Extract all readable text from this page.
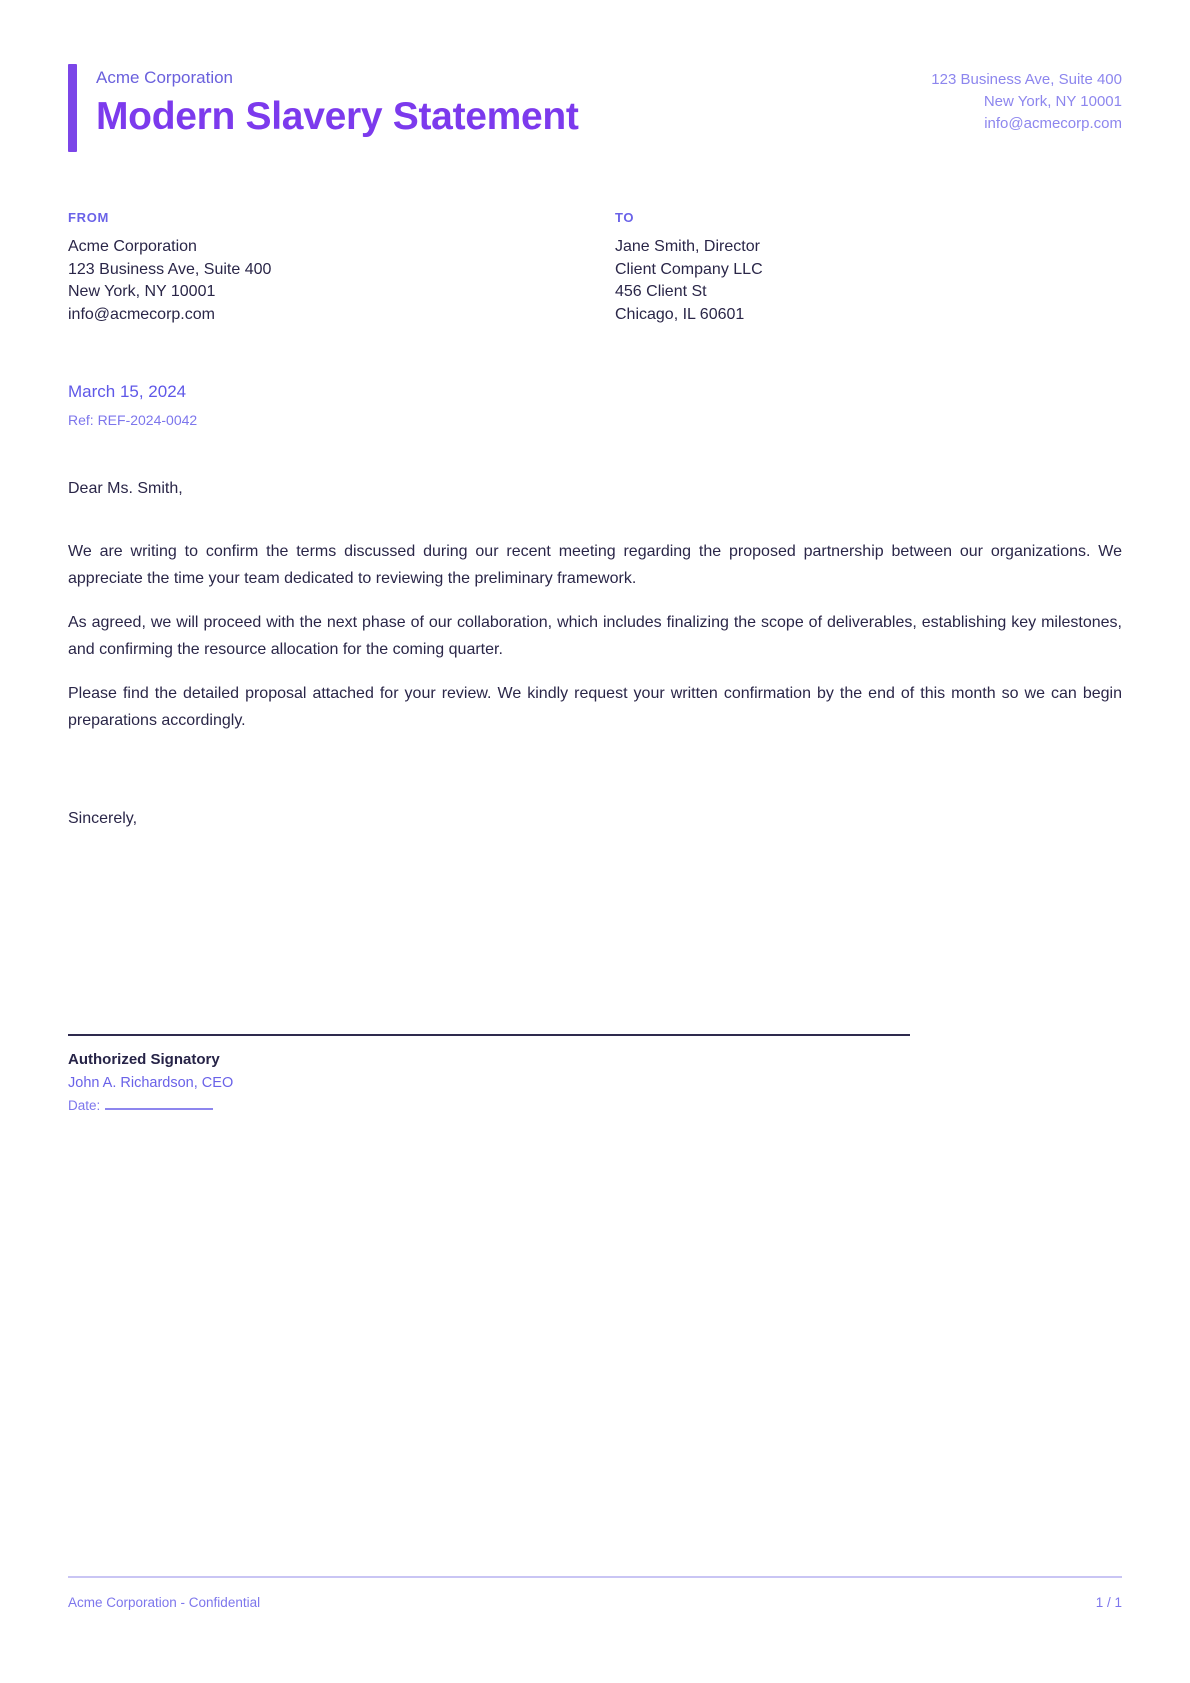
Acme Corporation
Modern Slavery Statement
123 Business Ave, Suite 400
New York, NY 10001
info@acmecorp.com
FROM
Acme Corporation
123 Business Ave, Suite 400
New York, NY 10001
info@acmecorp.com
TO
Jane Smith, Director
Client Company LLC
456 Client St
Chicago, IL 60601
March 15, 2024
Ref: REF-2024-0042
Dear Ms. Smith,

We are writing to confirm the terms discussed during our recent meeting regarding the proposed partnership between our organizations. We appreciate the time your team dedicated to reviewing the preliminary framework.

As agreed, we will proceed with the next phase of our collaboration, which includes finalizing the scope of deliverables, establishing key milestones, and confirming the resource allocation for the coming quarter.

Please find the detailed proposal attached for your review. We kindly request your written confirmation by the end of this month so we can begin preparations accordingly.

Sincerely,
Authorized Signatory
John A. Richardson, CEO
Date:
Acme Corporation - Confidential	1 / 1
